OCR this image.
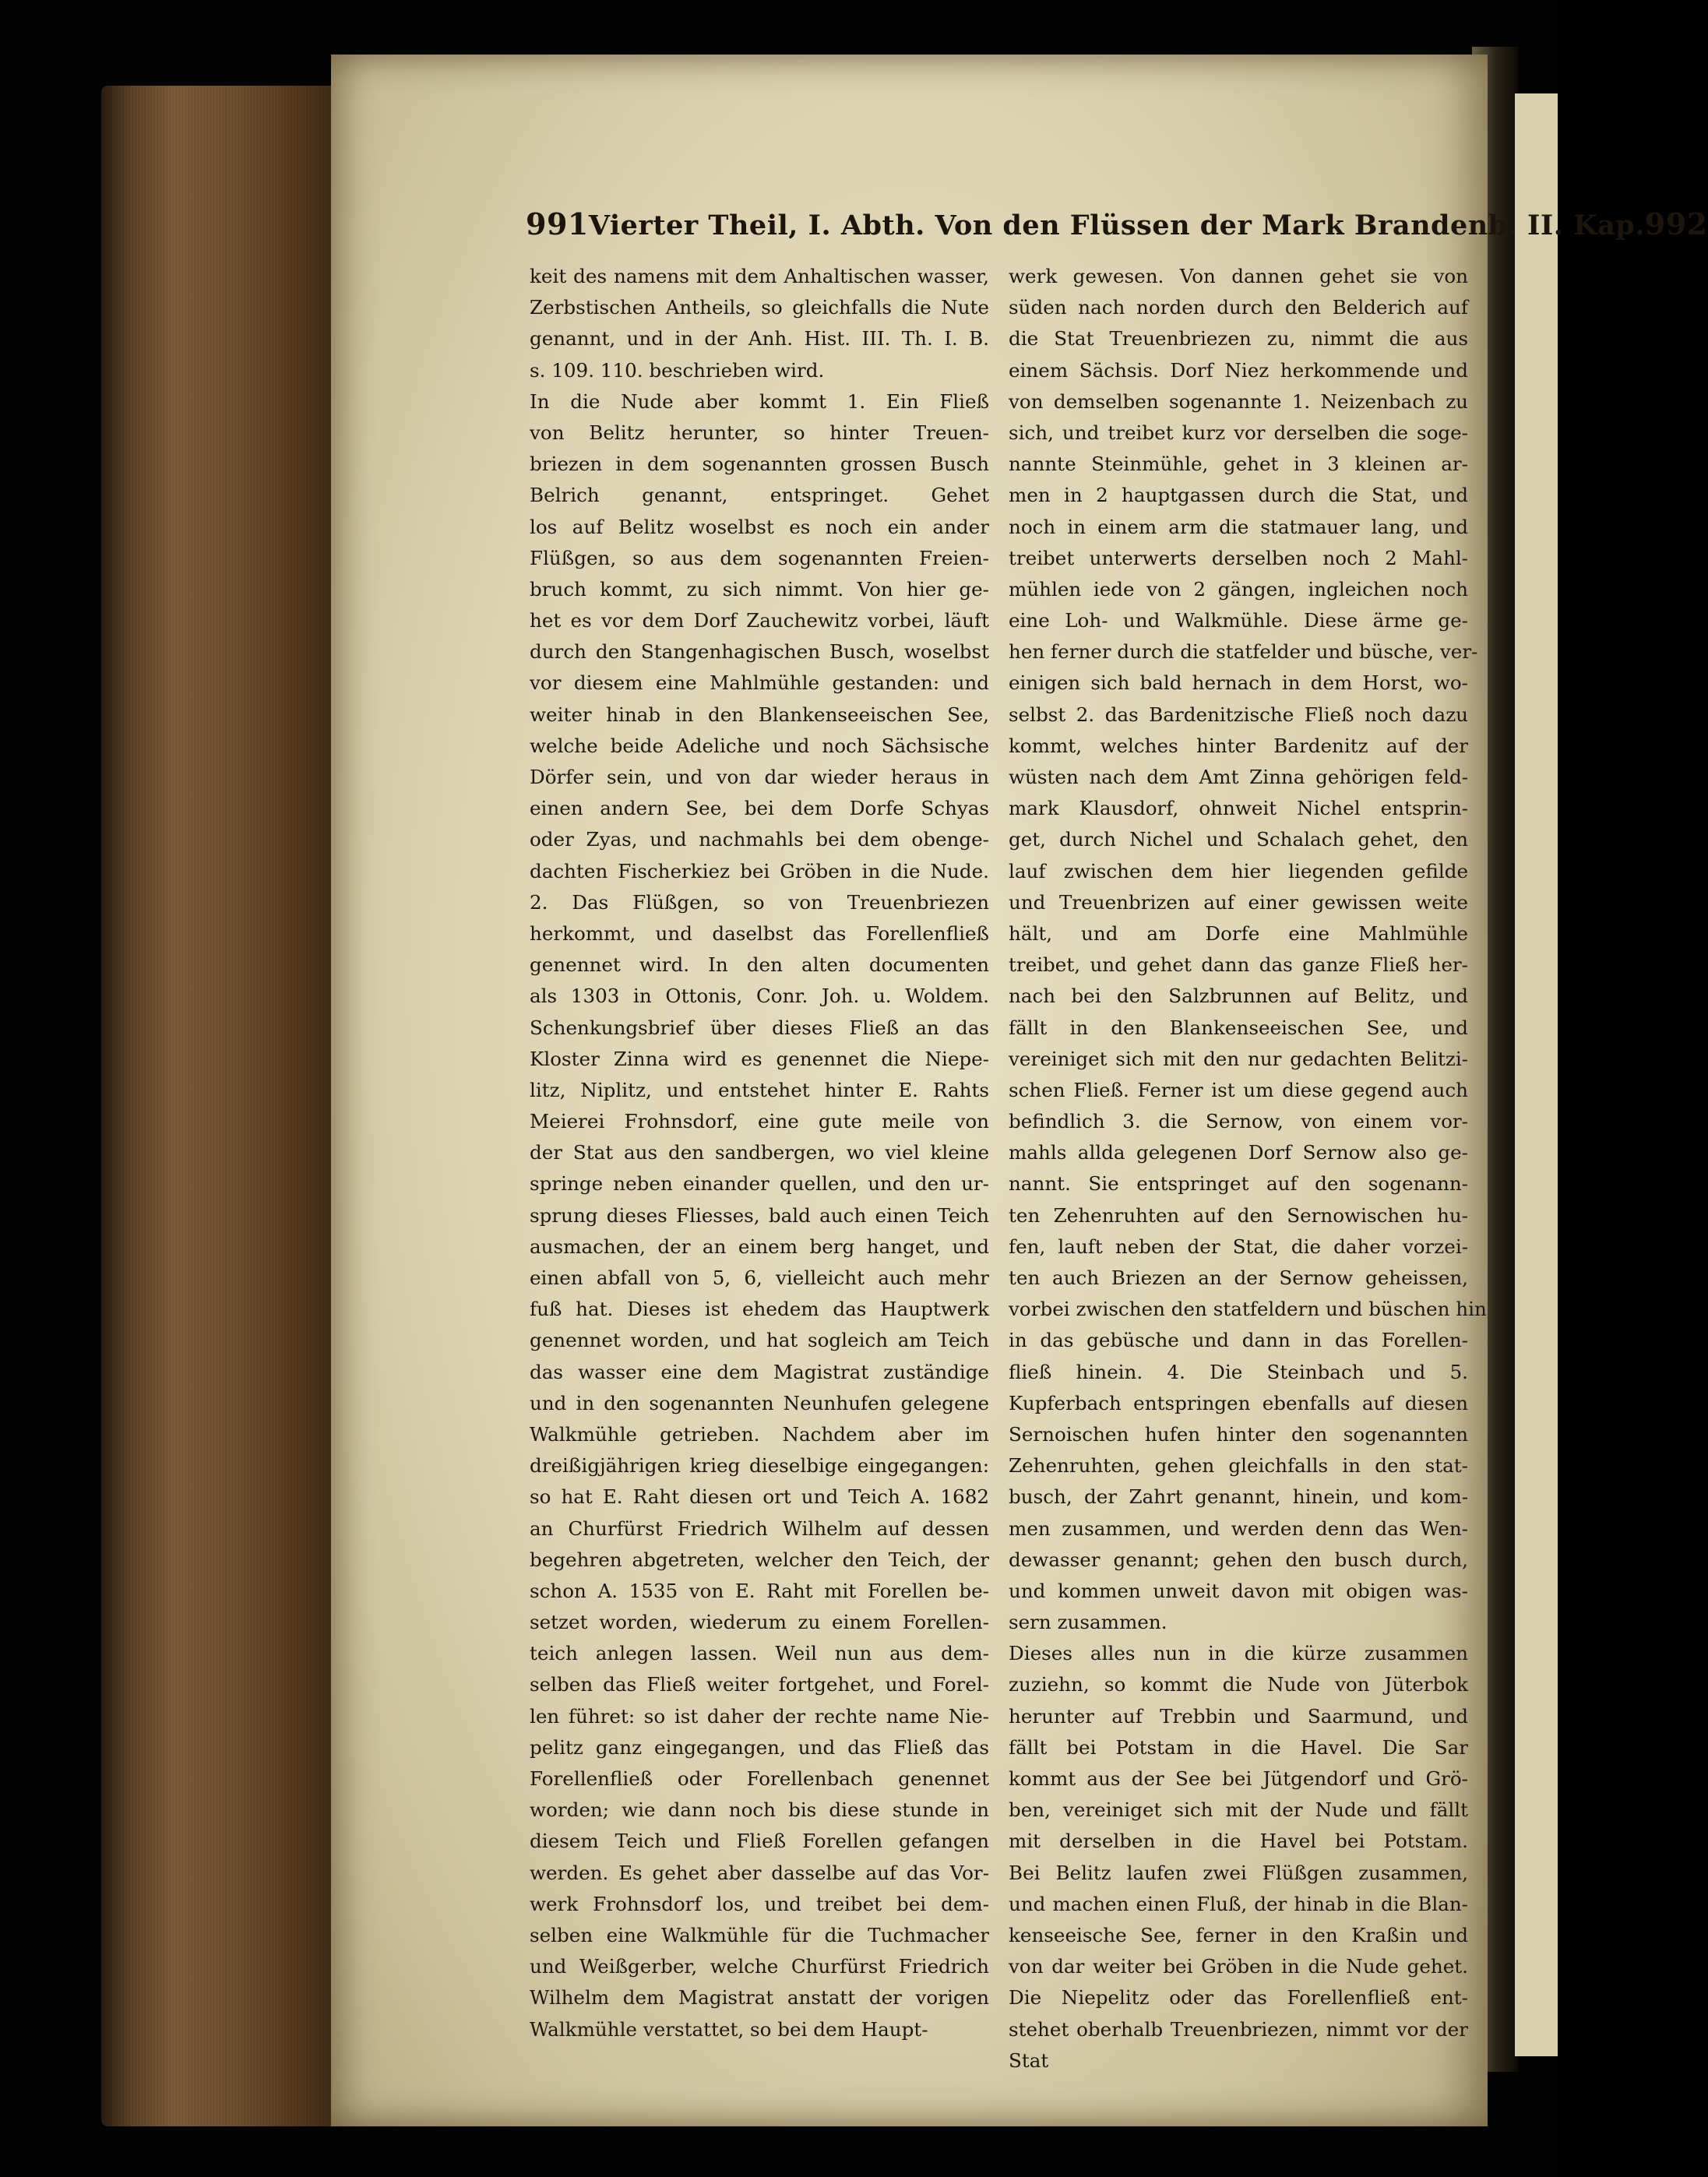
991 Vierter Theil, I. Abth. Von den Flüssen der Mark Brandenb. II. Kap. 992
keit des namens mit dem Anhaltischen wasser,
Zerbstischen Antheils, so gleichfalls die Nute
genannt, und in der Anh. Hist. III. Th. I. B.
s. 109. 110. beschrieben wird.
In die Nude aber kommt 1. Ein Fließ
von Belitz herunter, so hinter Treuen-
briezen in dem sogenannten grossen Busch
Belrich genannt, entspringet. Gehet
los auf Belitz woselbst es noch ein ander
Flüßgen, so aus dem sogenannten Freien-
bruch kommt, zu sich nimmt. Von hier ge-
het es vor dem Dorf Zauchewitz vorbei, läuft
durch den Stangenhagischen Busch, woselbst
vor diesem eine Mahlmühle gestanden: und
weiter hinab in den Blankenseeischen See,
welche beide Adeliche und noch Sächsische
Dörfer sein, und von dar wieder heraus in
einen andern See, bei dem Dorfe Schyas
oder Zyas, und nachmahls bei dem obenge-
dachten Fischerkiez bei Gröben in die Nude.
2. Das Flüßgen, so von Treuenbriezen
herkommt, und daselbst das Forellenfließ
genennet wird. In den alten documenten
als 1303 in Ottonis, Conr. Joh. u. Woldem.
Schenkungsbrief über dieses Fließ an das
Kloster Zinna wird es genennet die Niepe-
litz, Niplitz, und entstehet hinter E. Rahts
Meierei Frohnsdorf, eine gute meile von
der Stat aus den sandbergen, wo viel kleine
springe neben einander quellen, und den ur-
sprung dieses Fliesses, bald auch einen Teich
ausmachen, der an einem berg hanget, und
einen abfall von 5, 6, vielleicht auch mehr
fuß hat. Dieses ist ehedem das Hauptwerk
genennet worden, und hat sogleich am Teich
das wasser eine dem Magistrat zuständige
und in den sogenannten Neunhufen gelegene
Walkmühle getrieben. Nachdem aber im
dreißigjährigen krieg dieselbige eingegangen:
so hat E. Raht diesen ort und Teich A. 1682
an Churfürst Friedrich Wilhelm auf dessen
begehren abgetreten, welcher den Teich, der
schon A. 1535 von E. Raht mit Forellen be-
setzet worden, wiederum zu einem Forellen-
teich anlegen lassen. Weil nun aus dem-
selben das Fließ weiter fortgehet, und Forel-
len führet: so ist daher der rechte name Nie-
pelitz ganz eingegangen, und das Fließ das
Forellenfließ oder Forellenbach genennet
worden; wie dann noch bis diese stunde in
diesem Teich und Fließ Forellen gefangen
werden. Es gehet aber dasselbe auf das Vor-
werk Frohnsdorf los, und treibet bei dem-
selben eine Walkmühle für die Tuchmacher
und Weißgerber, welche Churfürst Friedrich
Wilhelm dem Magistrat anstatt der vorigen
Walkmühle verstattet, so bei dem Haupt-
werk gewesen. Von dannen gehet sie von
süden nach norden durch den Belderich auf
die Stat Treuenbriezen zu, nimmt die aus
einem Sächsis. Dorf Niez herkommende und
von demselben sogenannte 1. Neizenbach zu
sich, und treibet kurz vor derselben die soge-
nannte Steinmühle, gehet in 3 kleinen ar-
men in 2 hauptgassen durch die Stat, und
noch in einem arm die statmauer lang, und
treibet unterwerts derselben noch 2 Mahl-
mühlen iede von 2 gängen, ingleichen noch
eine Loh- und Walkmühle. Diese ärme ge-
hen ferner durch die statfelder und büsche, ver-
einigen sich bald hernach in dem Horst, wo-
selbst 2. das Bardenitzische Fließ noch dazu
kommt, welches hinter Bardenitz auf der
wüsten nach dem Amt Zinna gehörigen feld-
mark Klausdorf, ohnweit Nichel entsprin-
get, durch Nichel und Schalach gehet, den
lauf zwischen dem hier liegenden gefilde
und Treuenbrizen auf einer gewissen weite
hält, und am Dorfe eine Mahlmühle
treibet, und gehet dann das ganze Fließ her-
nach bei den Salzbrunnen auf Belitz, und
fällt in den Blankenseeischen See, und
vereiniget sich mit den nur gedachten Belitzi-
schen Fließ. Ferner ist um diese gegend auch
befindlich 3. die Sernow, von einem vor-
mahls allda gelegenen Dorf Sernow also ge-
nannt. Sie entspringet auf den sogenann-
ten Zehenruhten auf den Sernowischen hu-
fen, lauft neben der Stat, die daher vorzei-
ten auch Briezen an der Sernow geheissen,
vorbei zwischen den statfeldern und büschen hin
in das gebüsche und dann in das Forellen-
fließ hinein. 4. Die Steinbach und 5.
Kupferbach entspringen ebenfalls auf diesen
Sernoischen hufen hinter den sogenannten
Zehenruhten, gehen gleichfalls in den stat-
busch, der Zahrt genannt, hinein, und kom-
men zusammen, und werden denn das Wen-
dewasser genannt; gehen den busch durch,
und kommen unweit davon mit obigen was-
sern zusammen.
Dieses alles nun in die kürze zusammen
zuziehn, so kommt die Nude von Jüterbok
herunter auf Trebbin und Saarmund, und
fällt bei Potstam in die Havel. Die Sar
kommt aus der See bei Jütgendorf und Grö-
ben, vereiniget sich mit der Nude und fällt
mit derselben in die Havel bei Potstam.
Bei Belitz laufen zwei Flüßgen zusammen,
und machen einen Fluß, der hinab in die Blan-
kenseeische See, ferner in den Kraßin und
von dar weiter bei Gröben in die Nude gehet.
Die Niepelitz oder das Forellenfließ ent-
stehet oberhalb Treuenbriezen, nimmt vor der
Stat
